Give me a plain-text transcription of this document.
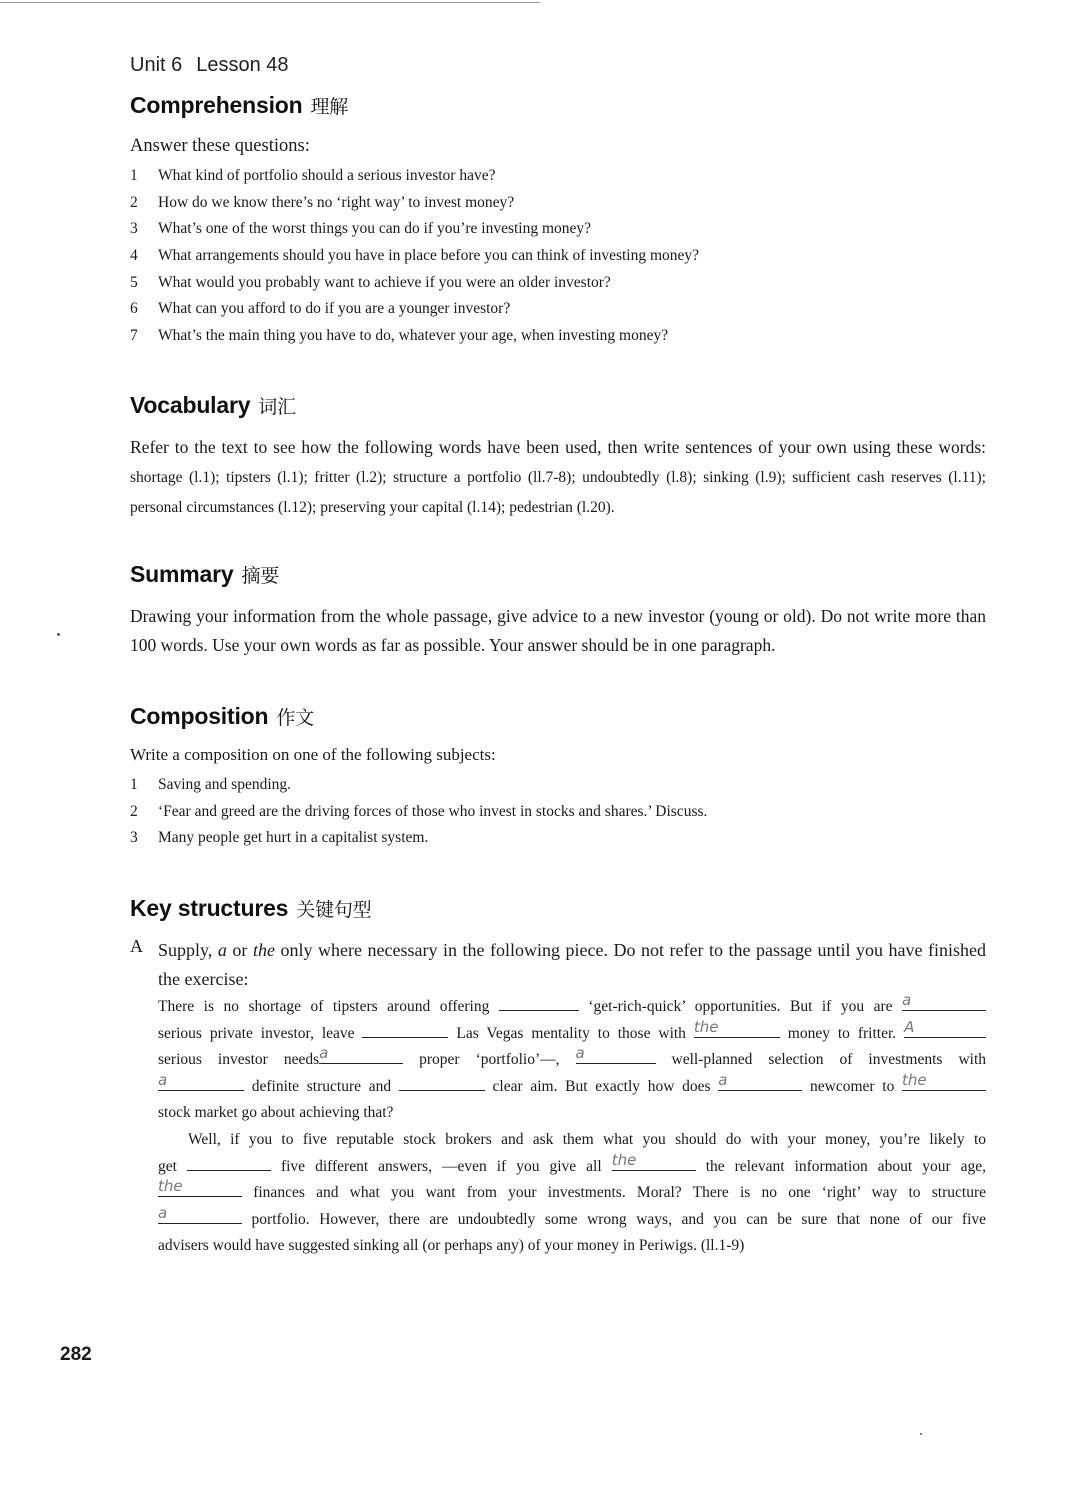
Unit 6 Lesson 48
Comprehension 理解
Answer these questions:
1 What kind of portfolio should a serious investor have?
2 How do we know there’s no ‘right way’ to invest money?
3 What’s one of the worst things you can do if you’re investing money?
4 What arrangements should you have in place before you can think of investing money?
5 What would you probably want to achieve if you were an older investor?
6 What can you afford to do if you are a younger investor?
7 What’s the main thing you have to do, whatever your age, when investing money?
Vocabulary 词汇
Refer to the text to see how the following words have been used, then write sentences of your own using these words: shortage (l.1); tipsters (l.1); fritter (l.2); structure a portfolio (ll.7-8); undoubtedly (l.8); sinking (l.9); sufficient cash reserves (l.11); personal circumstances (l.12); preserving your capital (l.14); pedestrian (l.20).
Summary 摘要
Drawing your information from the whole passage, give advice to a new investor (young or old). Do not write more than 100 words. Use your own words as far as possible. Your answer should be in one paragraph.
Composition 作文
Write a composition on one of the following subjects:
1 Saving and spending.
2 ‘Fear and greed are the driving forces of those who invest in stocks and shares.’ Discuss.
3 Many people get hurt in a capitalist system.
Key structures 关键句型
A Supply, a or the only where necessary in the following piece. Do not refer to the passage until you have finished the exercise:
There is no shortage of tipsters around offering	‘get-rich-quick’ opportunities. But if you are a
serious private investor, leave	Las Vegas mentality to those with the	money to fritter. A
serious investor needs a	proper ‘portfolio’—, a	well-planned selection of investments with
a	definite structure and	clear aim. But exactly how does a	newcomer to the
stock market go about achieving that?
Well, if you to five reputable stock brokers and ask them what you should do with your money, you’re likely to
get	five different answers, —even if you give all the	the relevant information about your age,
the	finances and what you want from your investments. Moral? There is no one ‘right’ way to structure
a	portfolio. However, there are undoubtedly some wrong ways, and you can be sure that none of our five
advisers would have suggested sinking all (or perhaps any) of your money in Periwigs. (ll.1-9)
282
